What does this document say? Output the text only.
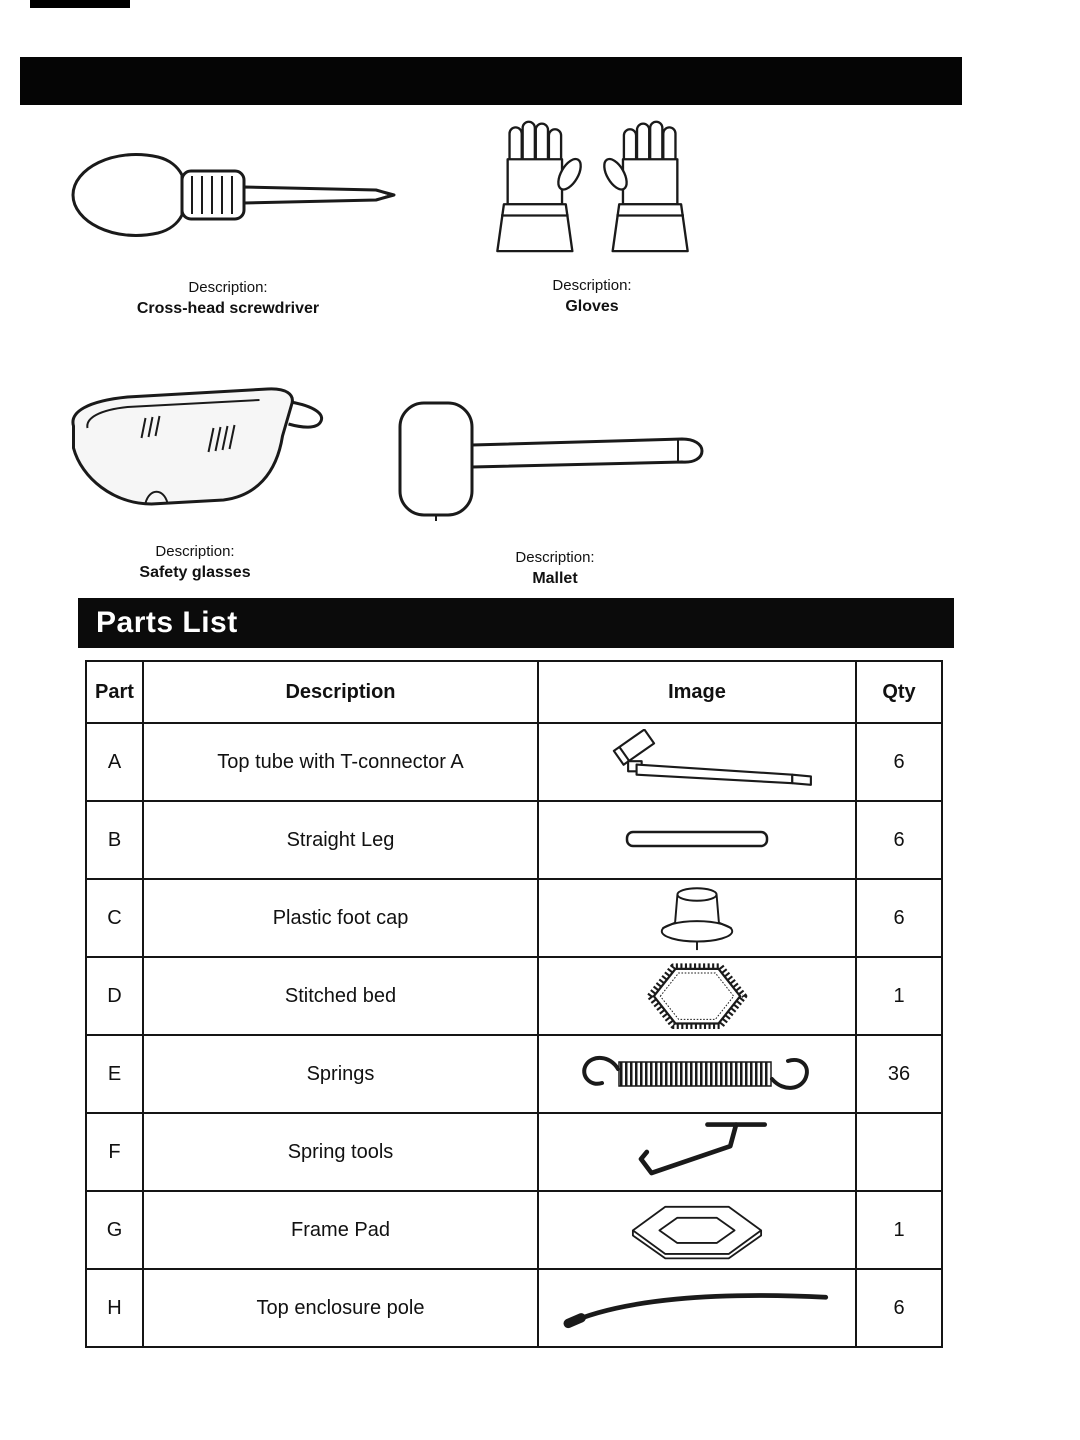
Description:
Cross-head screwdriver
Description:
Gloves
Description:
Safety glasses
Description:
Mallet
Parts List
Part	Description	Image	Qty
A	Top tube with T-connector A		6
B	Straight Leg		6
C	Plastic foot cap		6
D	Stitched bed		1
E	Springs		36
F	Spring tools	

G	Frame Pad		1
H	Top enclosure pole		6
